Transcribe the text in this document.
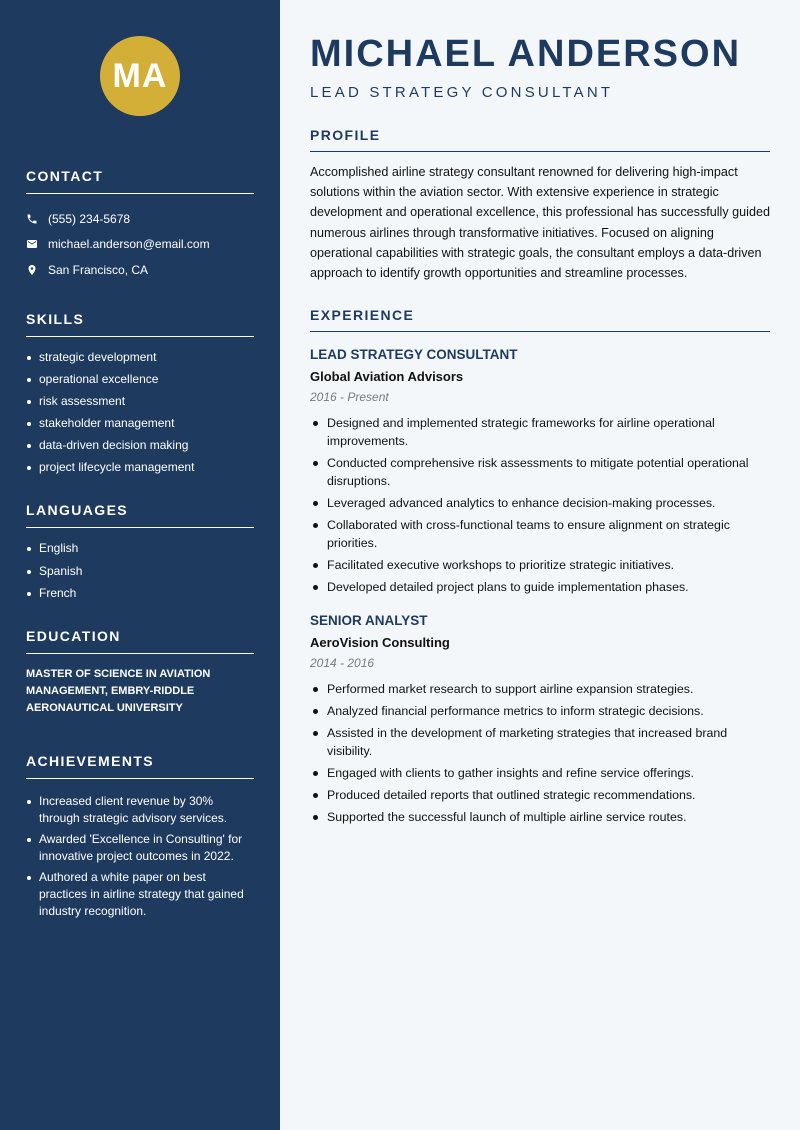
MA
CONTACT
(555) 234-5678
michael.anderson@email.com
San Francisco, CA
SKILLS
strategic development
operational excellence
risk assessment
stakeholder management
data-driven decision making
project lifecycle management
LANGUAGES
English
Spanish
French
EDUCATION

MASTER OF SCIENCE IN AVIATION MANAGEMENT, EMBRY-RIDDLE AERONAUTICAL UNIVERSITY

ACHIEVEMENTS
Increased client revenue by 30% through strategic advisory services.
Awarded 'Excellence in Consulting' for innovative project outcomes in 2022.
Authored a white paper on best practices in airline strategy that gained industry recognition.
MICHAEL ANDERSON
LEAD STRATEGY CONSULTANT
PROFILE

Accomplished airline strategy consultant renowned for delivering high-impact solutions within the aviation sector. With extensive experience in strategic development and operational excellence, this professional has successfully guided numerous airlines through transformative initiatives. Focused on aligning operational capabilities with strategic goals, the consultant employs a data-driven approach to identify growth opportunities and streamline processes.

EXPERIENCE
LEAD STRATEGY CONSULTANT
Global Aviation Advisors
2016 - Present
Designed and implemented strategic frameworks for airline operational improvements.
Conducted comprehensive risk assessments to mitigate potential operational disruptions.
Leveraged advanced analytics to enhance decision-making processes.
Collaborated with cross-functional teams to ensure alignment on strategic priorities.
Facilitated executive workshops to prioritize strategic initiatives.
Developed detailed project plans to guide implementation phases.
SENIOR ANALYST
AeroVision Consulting
2014 - 2016
Performed market research to support airline expansion strategies.
Analyzed financial performance metrics to inform strategic decisions.
Assisted in the development of marketing strategies that increased brand visibility.
Engaged with clients to gather insights and refine service offerings.
Produced detailed reports that outlined strategic recommendations.
Supported the successful launch of multiple airline service routes.
